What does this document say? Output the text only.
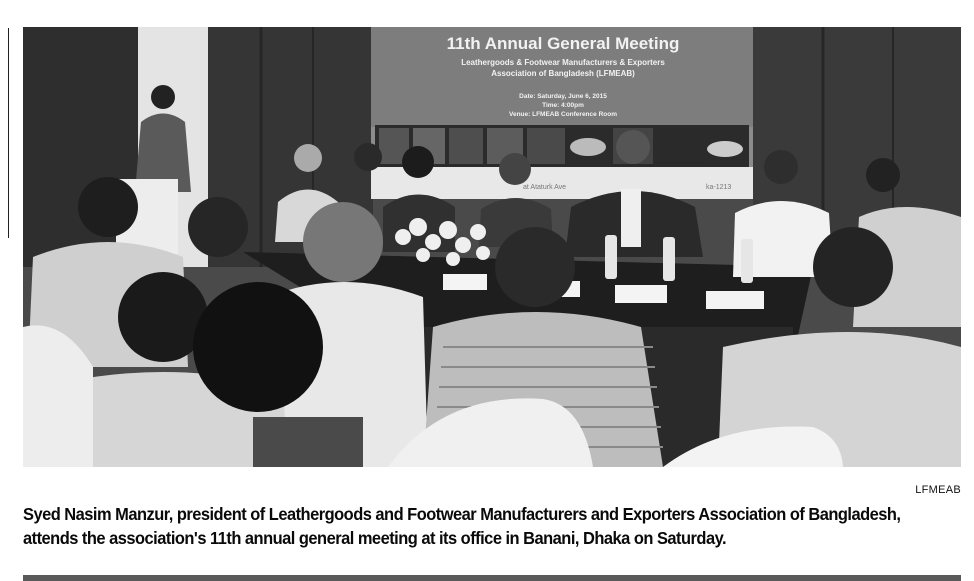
11th Annual General Meeting
Leathergoods & Footwear Manufacturers & Exporters
Association of Bangladesh (LFMEAB)
Date: Saturday, June 6, 2015
Time: 4:00pm
Venue: LFMEAB Conference Room
at Ataturk Ave	ka-1213
LFMEAB
Syed Nasim Manzur, president of Leathergoods and Footwear Manufacturers and Exporters Association of Bangladesh,
attends the association's 11th annual general meeting at its office in Banani, Dhaka on Saturday.
